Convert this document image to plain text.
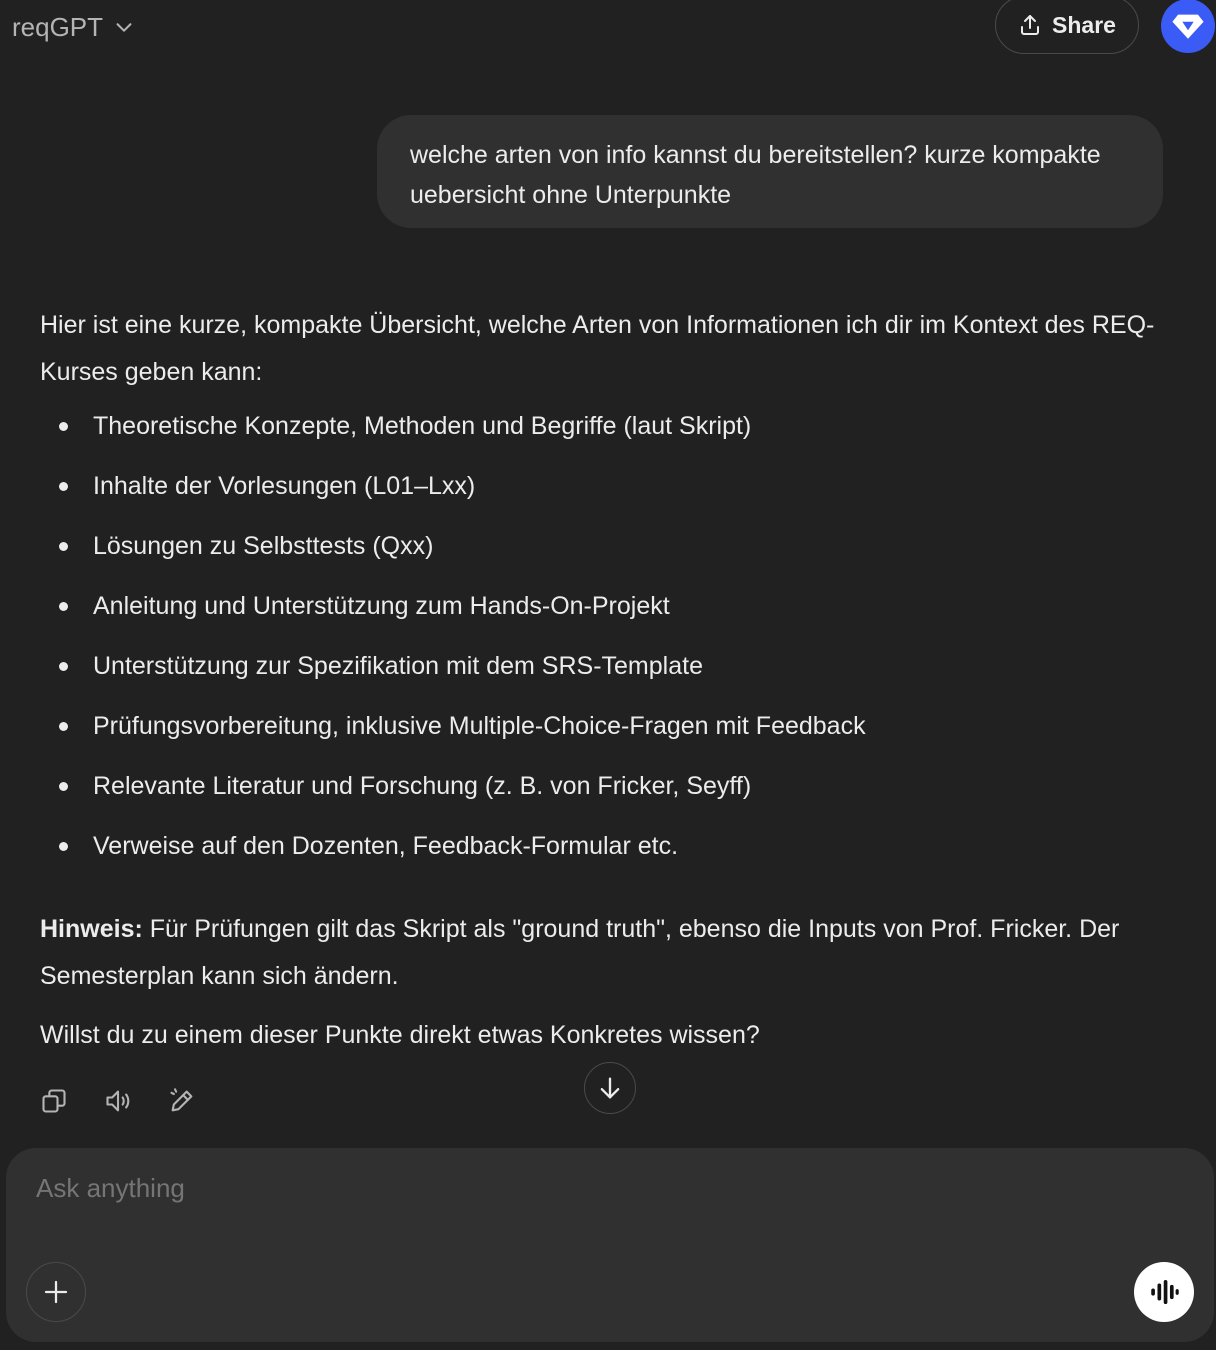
reqGPT	Share
welche arten von info kannst du bereitstellen? kurze kompakte uebersicht ohne Unterpunkte

Hier ist eine kurze, kompakte Übersicht, welche Arten von Informationen ich dir im Kontext des REQ-Kurses geben kann:

Theoretische Konzepte, Methoden und Begriffe (laut Skript)
Inhalte der Vorlesungen (L01–Lxx)
Lösungen zu Selbsttests (Qxx)
Anleitung und Unterstützung zum Hands-On-Projekt
Unterstützung zur Spezifikation mit dem SRS-Template
Prüfungsvorbereitung, inklusive Multiple-Choice-Fragen mit Feedback
Relevante Literatur und Forschung (z. B. von Fricker, Seyff)
Verweise auf den Dozenten, Feedback-Formular etc.

Hinweis: Für Prüfungen gilt das Skript als "ground truth", ebenso die Inputs von Prof. Fricker. Der Semesterplan kann sich ändern.

Willst du zu einem dieser Punkte direkt etwas Konkretes wissen?

Ask anything
